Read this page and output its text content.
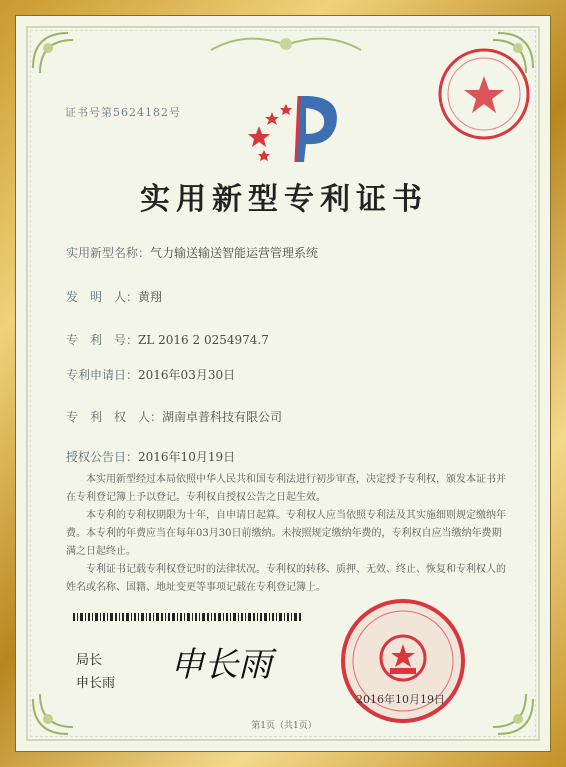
证书号第5624182号
实用新型专利证书
实用新型名称：气力输送输送智能运营管理系统
发　明　人：黄翔
专　利　号：ZL 2016 2 0254974.7
专利申请日：2016年03月30日
专　利　权　人：湖南卓普科技有限公司
授权公告日：2016年10月19日
本实用新型经过本局依照中华人民共和国专利法进行初步审查，决定授予专利权，颁发本证书并在专利登记簿上予以登记。专利权自授权公告之日起生效。
本专利的专利权期限为十年，自申请日起算。专利权人应当依照专利法及其实施细则规定缴纳年费。本专利的年费应当在每年03月30日前缴纳。未按照规定缴纳年费的，专利权自应当缴纳年费期满之日起终止。
专利证书记载专利权登记时的法律状况。专利权的转移、质押、无效、终止、恢复和专利权人的姓名或名称、国籍、地址变更等事项记载在专利登记簿上。
局长
申长雨 申长雨
2016年10月19日
第1页（共1页）
